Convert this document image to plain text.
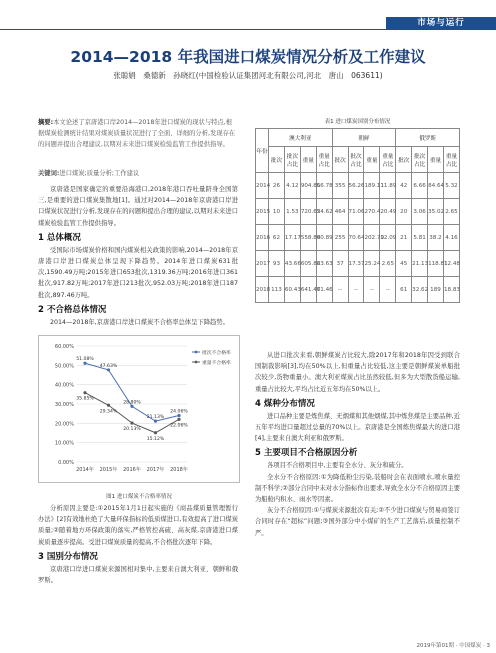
市场与运行
2014—2018 年我国进口煤炭情况分析及工作建议
张聪娟　桑德新　孙晓红(中国检验认证集团河北有限公司,河北　唐山　063611)
摘要:本文论述了京唐港口岸2014—2018年进口煤炭的现状与特点,根据煤炭检测统计结果对煤炭质量状况进行了全面、详细的分析,发现存在的问题并提出合理建议,以期对未来进口煤炭检验监管工作提供指导。
关键词:进口煤炭;质量分析;工作建议

京唐港是国家确定的重要沿海港口,2018年港口吞吐量跻身全国第三,是重要的进口煤炭集散地[1]。通过对2014—2018年京唐港口岸进口煤炭状况进行分析,发现存在的问题和提出合理的建议,以期对未来进口煤炭检验监管工作提供指导。

1 总体概况

受国际市场煤炭价格和国内煤炭相关政策的影响,2014—2018年京唐港口岸进口煤炭总体呈现下降趋势。2014年进口煤炭631批次,1590.49万吨;2015年进口653批次,1319.36万吨;2016年进口361批次,917.82万吨;2017年进口213批次,952.03万吨;2018年进口187批次,897.46万吨。

2 不合格总体情况

2014—2018年,京唐港口岸进口煤炭不合格率总体呈下降趋势。

0.00%
10.00%
20.00%
30.00%
40.00%
50.00%
60.00%
2014年 2015年 2016年 2017年 2018年
51.08%
47.63%
28.80%
21.13%
24.06%
批次不合格率
35.85%
29.34%
20.13%
15.12%
22.06%
重量不合格率
图1 进口煤炭不合格率情况

分析原因主要是:①2015年1月1日起实施的《商品煤质量管理暂行办法》[2]有效地杜绝了大量环保指标的低质煤进口,有效提高了进口煤炭质量;②随着地方环保政策的落实,严格管控高硫、高灰煤,京唐港进口煤炭质量逐步提高。受进口煤炭质量的提高,不合格批次逐年下降。

3 国别分布情况

京唐港口岸进口煤炭来源国相对集中,主要来自澳大利亚、朝鲜和俄罗斯。

表1 进口煤炭国别分布情况
年份	澳大利亚				朝鲜				俄罗斯			
	批次	批次占比	重量	重量占比	批次	批次占比	重量	重量占比	批次	批次占比	重量	重量占比
2014	26	4.12	904.86	56.78	355	56.26	189.11	11.89	42	6.66	84.64	5.32
2015	10	1.53	720.62	54.62	464	71.06	270.4	20.49	20	3.06	35.02	2.65
2016	62	17.17	558.89	60.89	255	70.64	202.79	22.09	21	5.81	38.2	4.16
2017	93	43.66	605.82	63.63	37	17.37	25.24	2.65	45	21.13	118.81	12.48
2018	113	60.43	641.46	71.46	--	--	--	--	61	32.62	189	18.83

从进口批次来看,朝鲜煤炭占比较大,除2017年和2018年因受到联合国制裁影响[3],均在50%以上,但重量占比较低,这主要是朝鲜煤炭单船批次较少,货物重量小。澳大利亚煤炭占比虽然较低,但多为大型散货船运输,重量占比较大,平均占比近五年均在50%以上。

4 煤种分布情况

进口品种主要是炼焦煤、无烟煤和其他烟煤,其中炼焦煤是主要品种,近五年平均进口量超过总量的70%以上。京唐港是全国炼焦煤最大的进口港[4],主要来自澳大利亚和俄罗斯。

5 主要项目不合格原因分析

各项目不合格项目中,主要有全水分、灰分和硫分。

全水分不合格原因:①为降低粉尘污染,装船时会在表面喷水,喷水量控制不科学;②部分合同中未对水分指标作出要求,导致全水分不合格原因主要为船舱内积水、雨水等因素。

灰分不合格原因:①与煤炭来源批次有关;②不少进口煤炭与贸易商签订合同时存在“超标”问题;③国外部分中小煤矿的生产工艺落后,质量控制不严。

2019年第01期 · 中国煤炭 · 3
